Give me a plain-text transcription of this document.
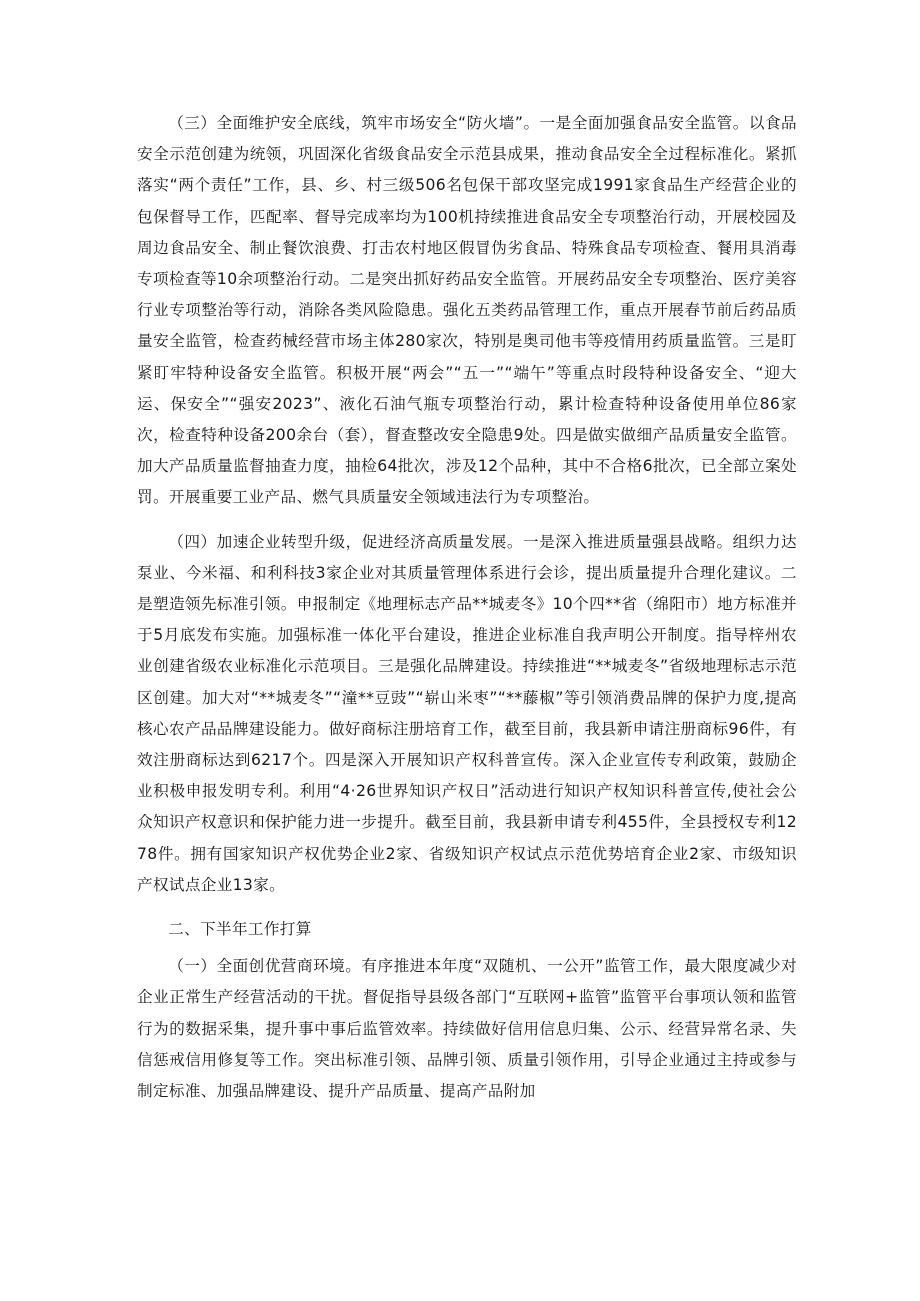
（三）全面维护安全底线，筑牢市场安全“防火墙”。一是全面加强食品安全监管。以食品安全示范创建为统领，巩固深化省级食品安全示范县成果，推动食品安全全过程标准化。紧抓落实“两个责任”工作，县、乡、村三级506名包保干部攻坚完成1991家食品生产经营企业的包保督导工作，匹配率、督导完成率均为100机持续推进食品安全专项整治行动，开展校园及周边食品安全、制止餐饮浪费、打击农村地区假冒伪劣食品、特殊食品专项检查、餐用具消毒专项检查等10余项整治行动。二是突出抓好药品安全监管。开展药品安全专项整治、医疗美容行业专项整治等行动，消除各类风险隐患。强化五类药品管理工作，重点开展春节前后药品质量安全监管，检查药械经营市场主体280家次，特别是奥司他韦等疫情用药质量监管。三是盯紧盯牢特种设备安全监管。积极开展“两会”“五一”“端午”等重点时段特种设备安全、“迎大运、保安全”“强安2023”、液化石油气瓶专项整治行动，累计检查特种设备使用单位86家次，检查特种设备200余台（套），督查整改安全隐患9处。四是做实做细产品质量安全监管。加大产品质量监督抽查力度，抽检64批次，涉及12个品种，其中不合格6批次，已全部立案处罚。开展重要工业产品、燃气具质量安全领域违法行为专项整治。

（四）加速企业转型升级，促进经济高质量发展。一是深入推进质量强县战略。组织力达泵业、今米福、和利科技3家企业对其质量管理体系进行会诊，提出质量提升合理化建议。二是塑造领先标准引领。申报制定《地理标志产品**城麦冬》10个四**省（绵阳市）地方标准并于5月底发布实施。加强标准一体化平台建设，推进企业标准自我声明公开制度。指导梓州农业创建省级农业标准化示范项目。三是强化品牌建设。持续推进“**城麦冬”省级地理标志示范区创建。加大对“**城麦冬”“潼**豆豉”“崭山米枣”“**藤椒”等引领消费品牌的保护力度,提高核心农产品品牌建设能力。做好商标注册培育工作，截至目前，我县新申请注册商标96件，有效注册商标达到6217个。四是深入开展知识产权科普宣传。深入企业宣传专利政策，鼓励企业积极申报发明专利。利用“4·26世界知识产权日”活动进行知识产权知识科普宣传,使社会公众知识产权意识和保护能力进一步提升。截至目前，我县新申请专利455件，全县授权专利1278件。拥有国家知识产权优势企业2家、省级知识产权试点示范优势培育企业2家、市级知识产权试点企业13家。

二、下半年工作打算

（一）全面创优营商环境。有序推进本年度“双随机、一公开”监管工作，最大限度减少对企业正常生产经营活动的干扰。督促指导县级各部门“互联网+监管”监管平台事项认领和监管行为的数据采集，提升事中事后监管效率。持续做好信用信息归集、公示、经营异常名录、失信惩戒信用修复等工作。突出标准引领、品牌引领、质量引领作用，引导企业通过主持或参与制定标准、加强品牌建设、提升产品质量、提高产品附加
